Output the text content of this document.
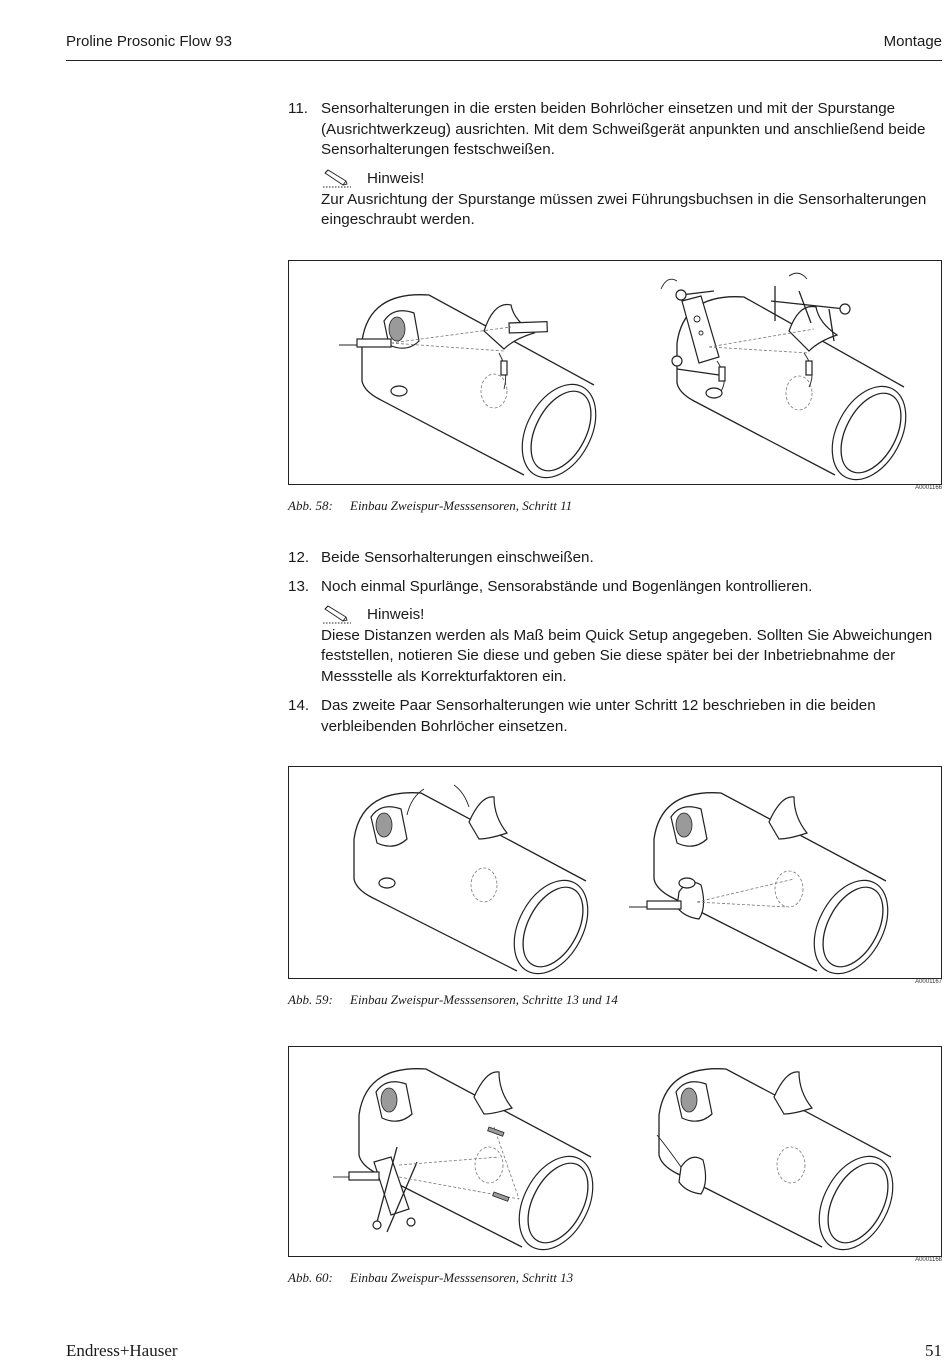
Proline Prosonic Flow 93	Montage
11. Sensorhalterungen in die ersten beiden Bohrlöcher einsetzen und mit der Spurstange (Ausrichtwerkzeug) ausrichten. Mit dem Schweißgerät anpunkten und anschließend beide Sensorhalterungen festschweißen.
Hinweis!
Zur Ausrichtung der Spurstange müssen zwei Führungsbuchsen in die Sensorhalterungen eingeschraubt werden.
A0001166
Abb. 58: Einbau Zweispur-Messsensoren, Schritt 11
12. Beide Sensorhalterungen einschweißen.
13. Noch einmal Spurlänge, Sensorabstände und Bogenlängen kontrollieren.
Hinweis!
Diese Distanzen werden als Maß beim Quick Setup angegeben. Sollten Sie Abweichungen feststellen, notieren Sie diese und geben Sie diese später bei der Inbetriebnahme der Messstelle als Korrekturfaktoren ein.
14. Das zweite Paar Sensorhalterungen wie unter Schritt 12 beschrieben in die beiden verbleibenden Bohrlöcher einsetzen.
A0001167
Abb. 59: Einbau Zweispur-Messsensoren, Schritte 13 und 14
A0001168
Abb. 60: Einbau Zweispur-Messsensoren, Schritt 13
Endress+Hauser	51
